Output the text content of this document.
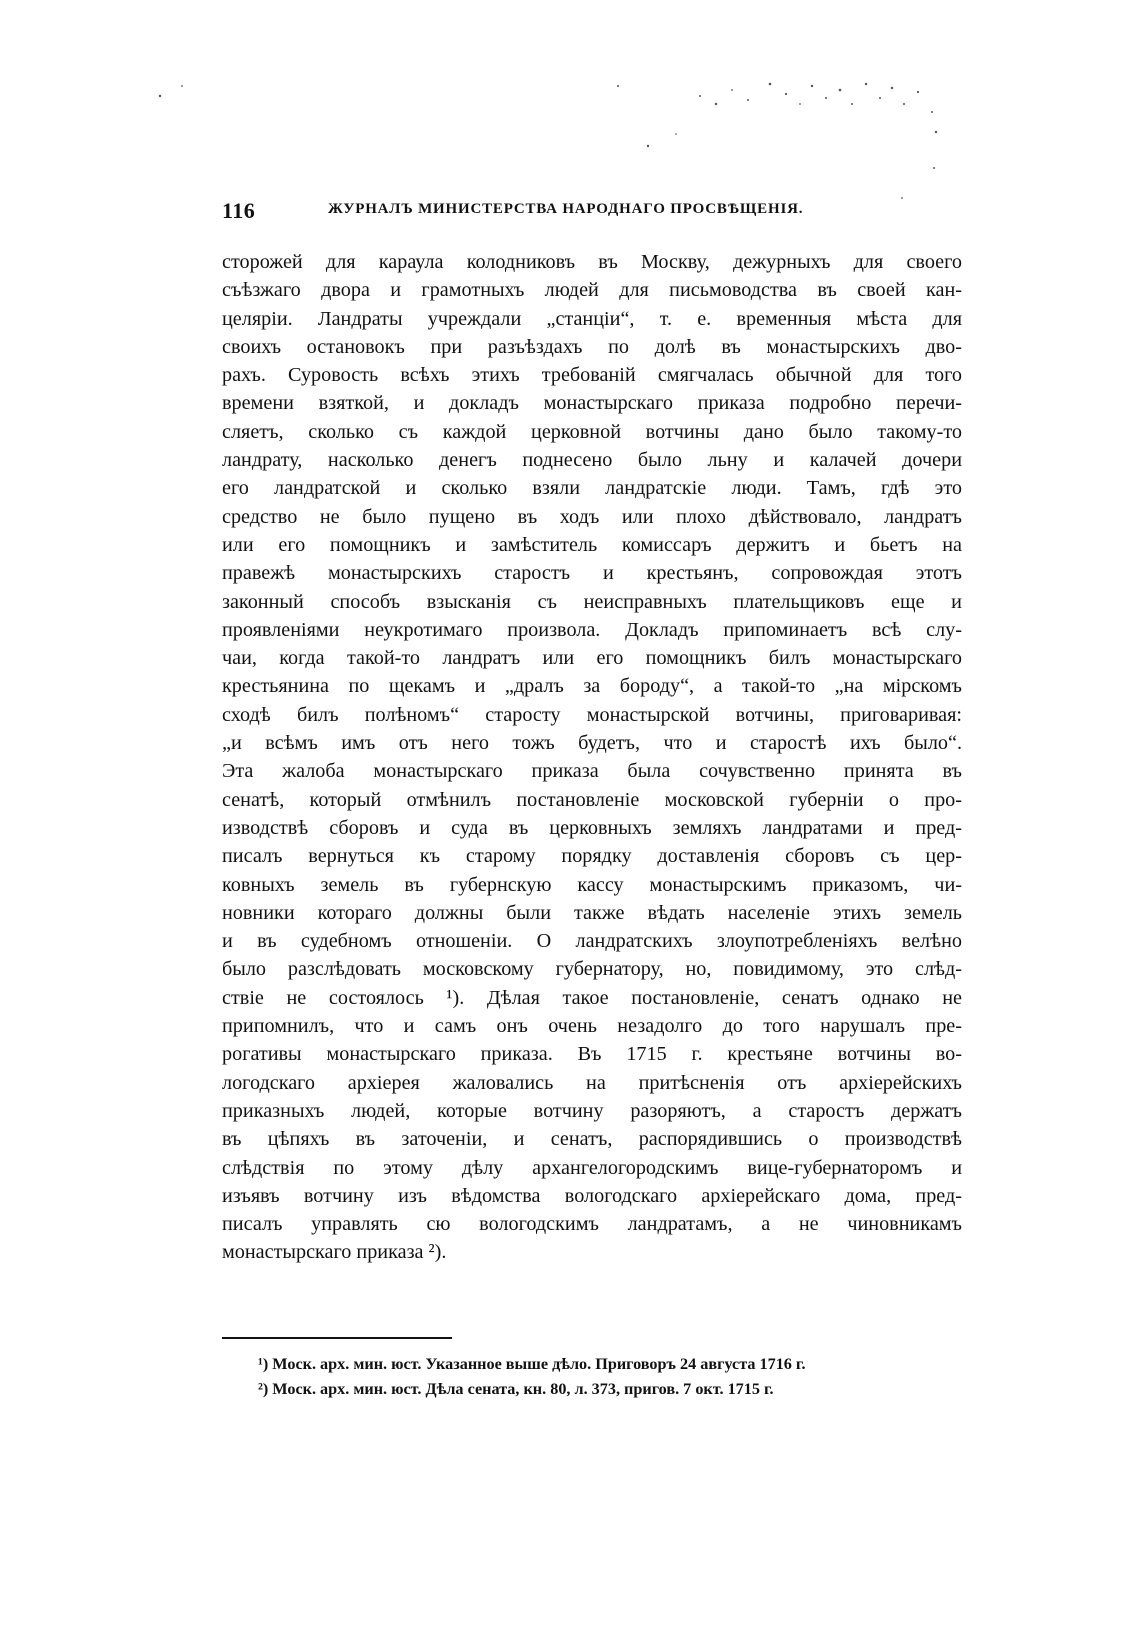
116	ЖУРНАЛЪ МИНИСТЕРСТВА НАРОДНАГО ПРОСВѢЩЕНІЯ.
сторожей для караула колодниковъ въ Москву, дежурныхъ для своего
съѣзжаго двора и грамотныхъ людей для письмоводства въ своей кан-
целяріи. Ландраты учреждали „станціи“, т. е. временныя мѣста для
своихъ остановокъ при разъѣздахъ по долѣ въ монастырскихъ дво-
рахъ. Суровость всѣхъ этихъ требованій смягчалась обычной для того
времени взяткой, и докладъ монастырскаго приказа подробно перечи-
сляетъ, сколько съ каждой церковной вотчины дано было такому-то
ландрату, насколько денегъ поднесено было льну и калачей дочери
его ландратской и сколько взяли ландратскіе люди. Тамъ, гдѣ это
средство не было пущено въ ходъ или плохо дѣйствовало, ландратъ
или его помощникъ и замѣститель комиссаръ держитъ и бьетъ на
правежѣ монастырскихъ старостъ и крестьянъ, сопровождая этотъ
законный способъ взысканія съ неисправныхъ плательщиковъ еще и
проявленіями неукротимаго произвола. Докладъ припоминаетъ всѣ слу-
чаи, когда такой-то ландратъ или его помощникъ билъ монастырскаго
крестьянина по щекамъ и „дралъ за бороду“, а такой-то „на мірскомъ
сходѣ билъ полѣномъ“ старосту монастырской вотчины, приговаривая:
„и всѣмъ имъ отъ него тожъ будетъ, что и старостѣ ихъ было“.
Эта жалоба монастырскаго приказа была сочувственно принята въ
сенатѣ, который отмѣнилъ постановленіе московской губерніи о про-
изводствѣ сборовъ и суда въ церковныхъ земляхъ ландратами и пред-
писалъ вернуться къ старому порядку доставленія сборовъ съ цер-
ковныхъ земель въ губернскую кассу монастырскимъ приказомъ, чи-
новники котораго должны были также вѣдать населеніе этихъ земель
и въ судебномъ отношеніи. О ландратскихъ злоупотребленіяхъ велѣно
было разслѣдовать московскому губернатору, но, повидимому, это слѣд-
ствіе не состоялось ¹). Дѣлая такое постановленіе, сенатъ однако не
припомнилъ, что и самъ онъ очень незадолго до того нарушалъ пре-
рогативы монастырскаго приказа. Въ 1715 г. крестьяне вотчины во-
логодскаго архіерея жаловались на притѣсненія отъ архіерейскихъ
приказныхъ людей, которые вотчину разоряютъ, а старостъ держатъ
въ цѣпяхъ въ заточеніи, и сенатъ, распорядившись о производствѣ
слѣдствія по этому дѣлу архангелогородскимъ вице-губернаторомъ и
изъявъ вотчину изъ вѣдомства вологодскаго архіерейскаго дома, пред-
писалъ управлять сю вологодскимъ ландратамъ, а не чиновникамъ
монастырскаго приказа ²).
¹) Моск. арх. мин. юст. Указанное выше дѣло. Приговоръ 24 августа 1716 г.
²) Моск. арх. мин. юст. Дѣла сената, кн. 80, л. 373, пригов. 7 окт. 1715 г.
